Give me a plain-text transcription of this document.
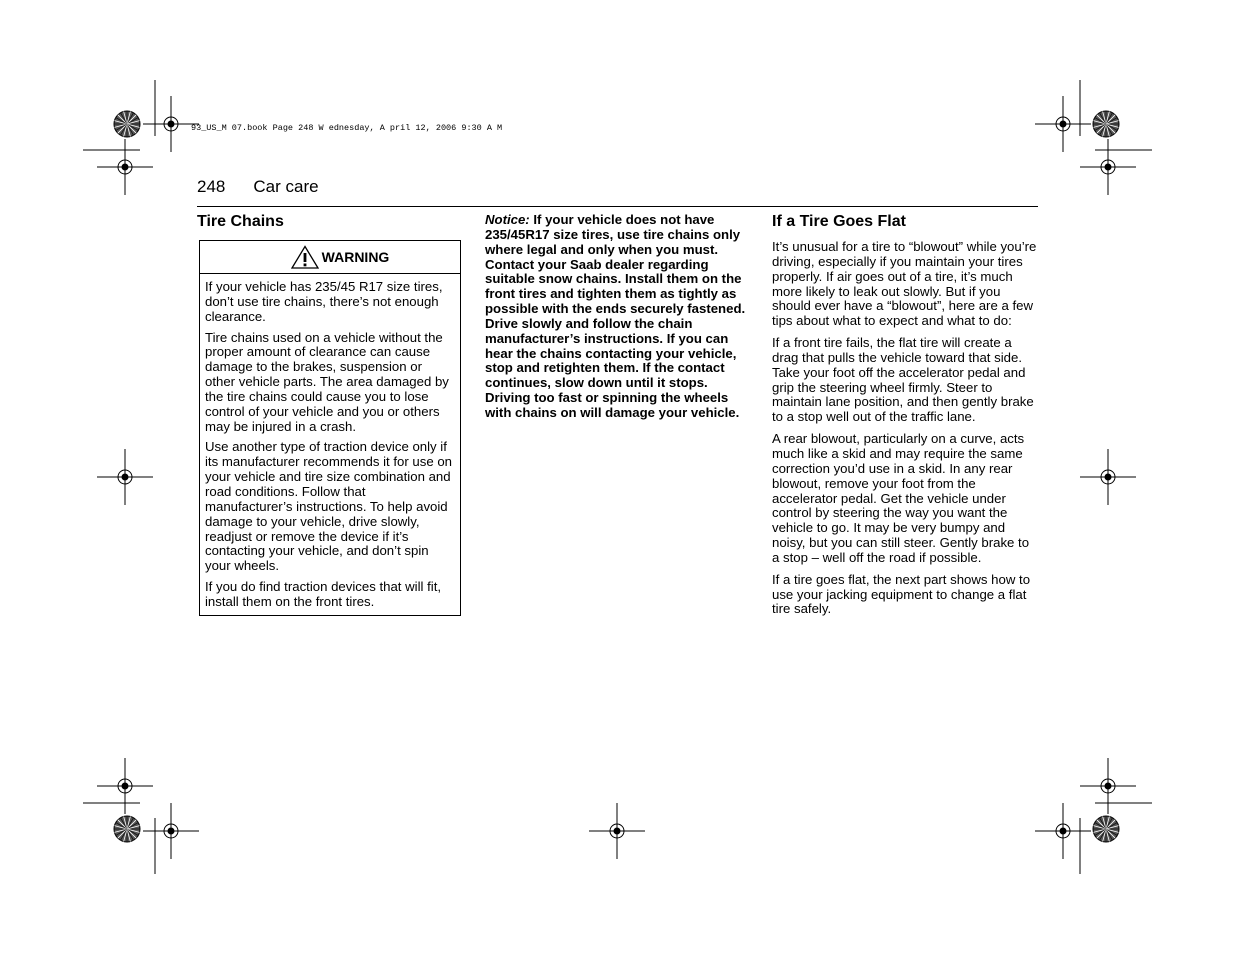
93_US_M 07.book Page 248 W ednesday, A pril 12, 2006 9:30 A M
248 Car care
Tire Chains
WARNING

If your vehicle has 235/45 R17 size tires, don’t use tire chains, there’s not enough clearance.

Tire chains used on a vehicle without the proper amount of clearance can cause damage to the brakes, suspension or other vehicle parts. The area damaged by the tire chains could cause you to lose control of your vehicle and you or others may be injured in a crash.

Use another type of traction device only if its manufacturer recommends it for use on your vehicle and tire size combination and road conditions. Follow that manufacturer’s instructions. To help avoid damage to your vehicle, drive slowly, readjust or remove the device if it’s contacting your vehicle, and don’t spin your wheels.

If you do find traction devices that will fit, install them on the front tires.

Notice: If your vehicle does not have 235/45R17 size tires, use tire chains only where legal and only when you must. Contact your Saab dealer regarding suitable snow chains. Install them on the front tires and tighten them as tightly as possible with the ends securely fastened. Drive slowly and follow the chain manufacturer’s instructions. If you can hear the chains contacting your vehicle, stop and retighten them. If the contact continues, slow down until it stops. Driving too fast or spinning the wheels with chains on will damage your vehicle.

If a Tire Goes Flat

It’s unusual for a tire to “blowout” while you’re driving, especially if you maintain your tires properly. If air goes out of a tire, it’s much more likely to leak out slowly. But if you should ever have a “blowout”, here are a few tips about what to expect and what to do:

If a front tire fails, the flat tire will create a drag that pulls the vehicle toward that side. Take your foot off the accelerator pedal and grip the steering wheel firmly. Steer to maintain lane position, and then gently brake to a stop well out of the traffic lane.

A rear blowout, particularly on a curve, acts much like a skid and may require the same correction you’d use in a skid. In any rear blowout, remove your foot from the accelerator pedal. Get the vehicle under control by steering the way you want the vehicle to go. It may be very bumpy and noisy, but you can still steer. Gently brake to a stop – well off the road if possible.

If a tire goes flat, the next part shows how to use your jacking equipment to change a flat tire safely.
